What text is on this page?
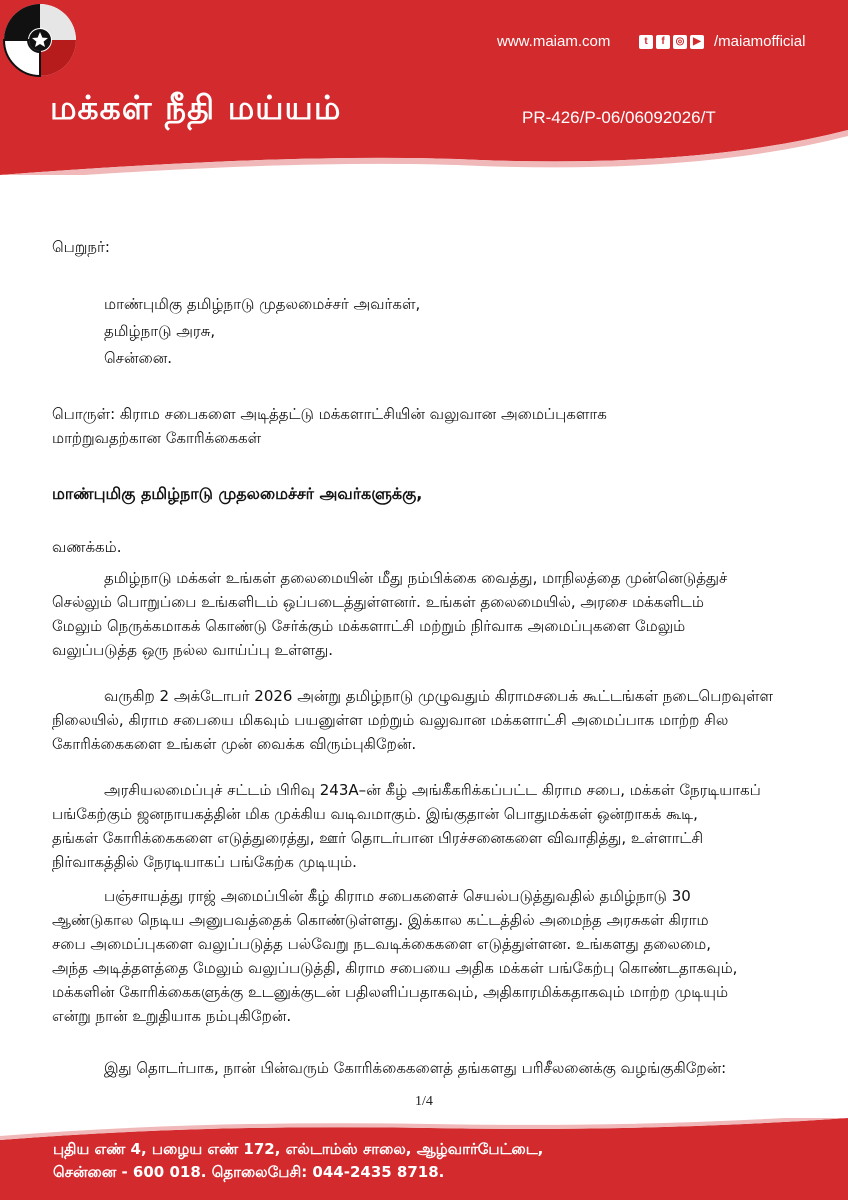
மக்கள் நீதி மய்யம்
www.maiam.com	t	f	◎ ▶ /maiamofficial
PR-426/P-06/06092026/T
பெறுநர்:
மாண்புமிகு தமிழ்நாடு முதலமைச்சர் அவர்கள்,
தமிழ்நாடு அரசு,
சென்னை.
பொருள்: கிராம சபைகளை அடித்தட்டு மக்களாட்சியின் வலுவான அமைப்புகளாக
மாற்றுவதற்கான கோரிக்கைகள்
மாண்புமிகு தமிழ்நாடு முதலமைச்சர் அவர்களுக்கு,
வணக்கம்.
தமிழ்நாடு மக்கள் உங்கள் தலைமையின் மீது நம்பிக்கை வைத்து, மாநிலத்தை முன்னெடுத்துச்
செல்லும் பொறுப்பை உங்களிடம் ஒப்படைத்துள்ளனர். உங்கள் தலைமையில், அரசை மக்களிடம்
மேலும் நெருக்கமாகக் கொண்டு சேர்க்கும் மக்களாட்சி மற்றும் நிர்வாக அமைப்புகளை மேலும்
வலுப்படுத்த ஒரு நல்ல வாய்ப்பு உள்ளது.
வருகிற 2 அக்டோபர் 2026 அன்று தமிழ்நாடு முழுவதும் கிராமசபைக் கூட்டங்கள் நடைபெறவுள்ள
நிலையில், கிராம சபையை மிகவும் பயனுள்ள மற்றும் வலுவான மக்களாட்சி அமைப்பாக மாற்ற சில
கோரிக்கைகளை உங்கள் முன் வைக்க விரும்புகிறேன்.
அரசியலமைப்புச் சட்டம் பிரிவு 243A–ன் கீழ் அங்கீகரிக்கப்பட்ட கிராம சபை, மக்கள் நேரடியாகப்
பங்கேற்கும் ஜனநாயகத்தின் மிக முக்கிய வடிவமாகும். இங்குதான் பொதுமக்கள் ஒன்றாகக் கூடி,
தங்கள் கோரிக்கைகளை எடுத்துரைத்து, ஊர் தொடர்பான பிரச்சனைகளை விவாதித்து, உள்ளாட்சி
நிர்வாகத்தில் நேரடியாகப் பங்கேற்க முடியும்.
பஞ்சாயத்து ராஜ் அமைப்பின் கீழ் கிராம சபைகளைச் செயல்படுத்துவதில் தமிழ்நாடு 30
ஆண்டுகால நெடிய அனுபவத்தைக் கொண்டுள்ளது. இக்கால கட்டத்தில் அமைந்த அரசுகள் கிராம
சபை அமைப்புகளை வலுப்படுத்த பல்வேறு நடவடிக்கைகளை எடுத்துள்ளன. உங்களது தலைமை,
அந்த அடித்தளத்தை மேலும் வலுப்படுத்தி, கிராம சபையை அதிக மக்கள் பங்கேற்பு கொண்டதாகவும்,
மக்களின் கோரிக்கைகளுக்கு உடனுக்குடன் பதிலளிப்பதாகவும், அதிகாரமிக்கதாகவும் மாற்ற முடியும்
என்று நான் உறுதியாக நம்புகிறேன்.
இது தொடர்பாக, நான் பின்வரும் கோரிக்கைகளைத் தங்களது பரிசீலனைக்கு வழங்குகிறேன்:
1/4
புதிய எண் 4, பழைய எண் 172, எல்டாம்ஸ் சாலை, ஆழ்வார்பேட்டை,
சென்னை - 600 018. தொலைபேசி: 044-2435 8718.
